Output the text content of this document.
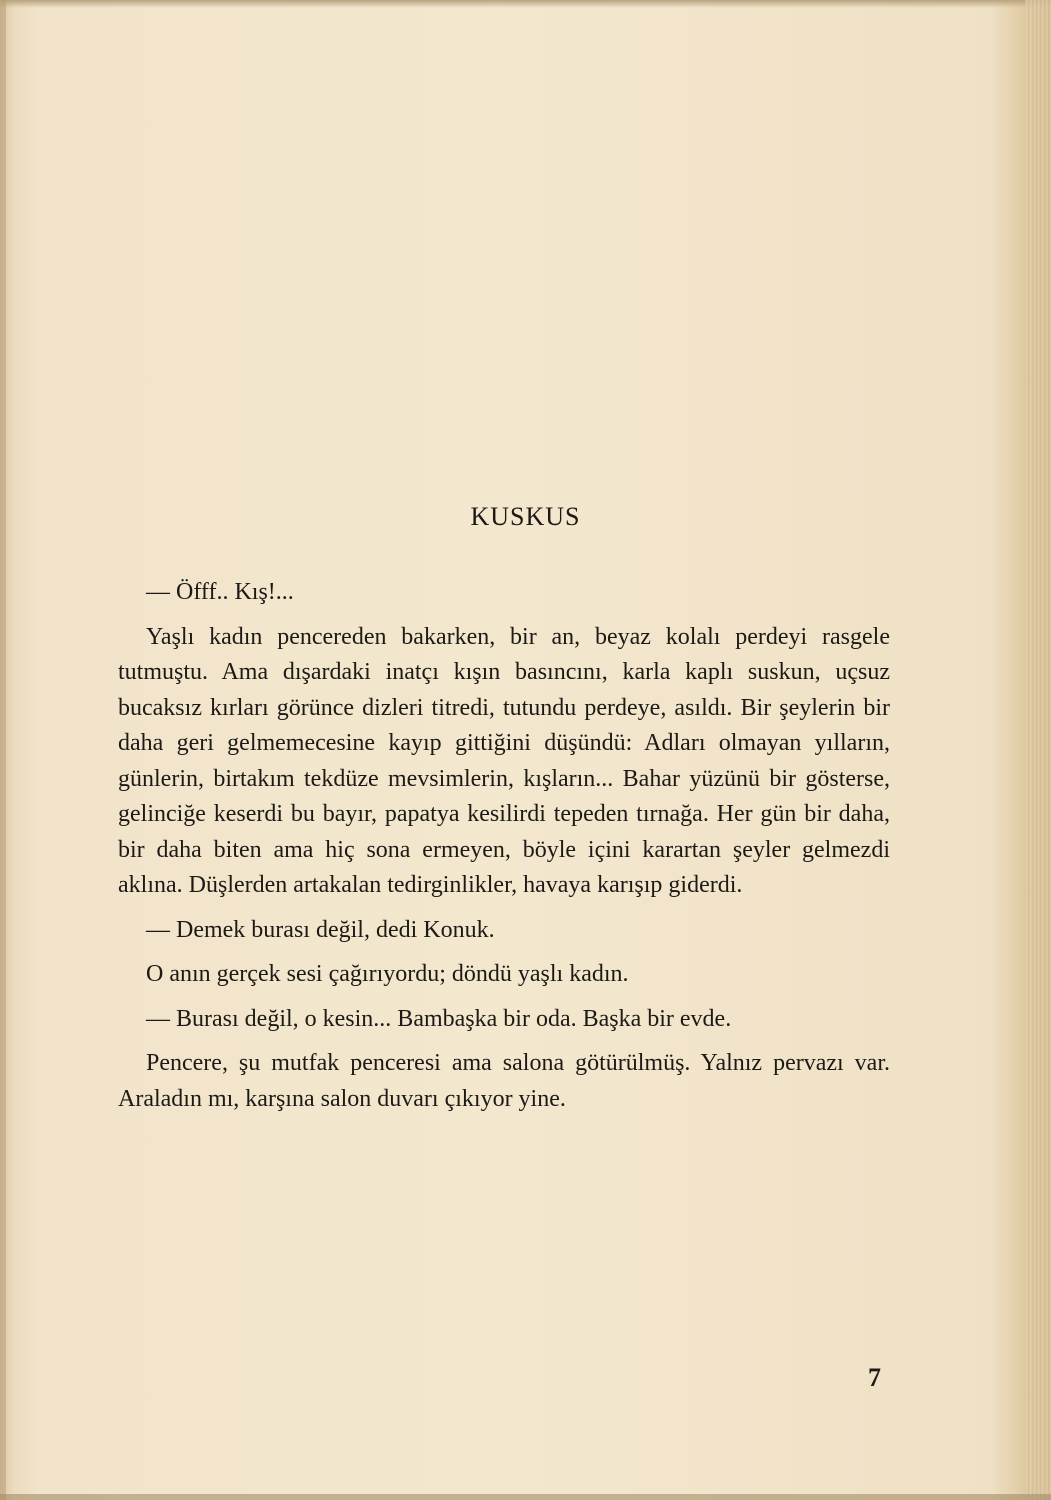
KUSKUS

— Öfff.. Kış!...

Yaşlı kadın pencereden bakarken, bir an, beyaz kolalı perdeyi rasgele tutmuştu. Ama dışardaki inatçı kışın basıncını, karla kaplı suskun, uçsuz bucaksız kırları görünce dizleri titredi, tutundu perdeye, asıldı. Bir şeylerin bir daha geri gelmemecesine kayıp gittiğini düşündü: Adları olmayan yılların, günlerin, birtakım tekdüze mevsimlerin, kışların... Bahar yüzünü bir gösterse, gelinciğe keserdi bu bayır, papatya kesilirdi tepeden tırnağa. Her gün bir daha, bir daha biten ama hiç sona ermeyen, böyle içini karartan şeyler gelmezdi aklına. Düşlerden artakalan tedirginlikler, havaya karışıp giderdi.

— Demek burası değil, dedi Konuk.

O anın gerçek sesi çağırıyordu; döndü yaşlı kadın.

— Burası değil, o kesin... Bambaşka bir oda. Başka bir evde.

Pencere, şu mutfak penceresi ama salona götürülmüş. Yalnız pervazı var. Araladın mı, karşına salon duvarı çıkıyor yine.

7
